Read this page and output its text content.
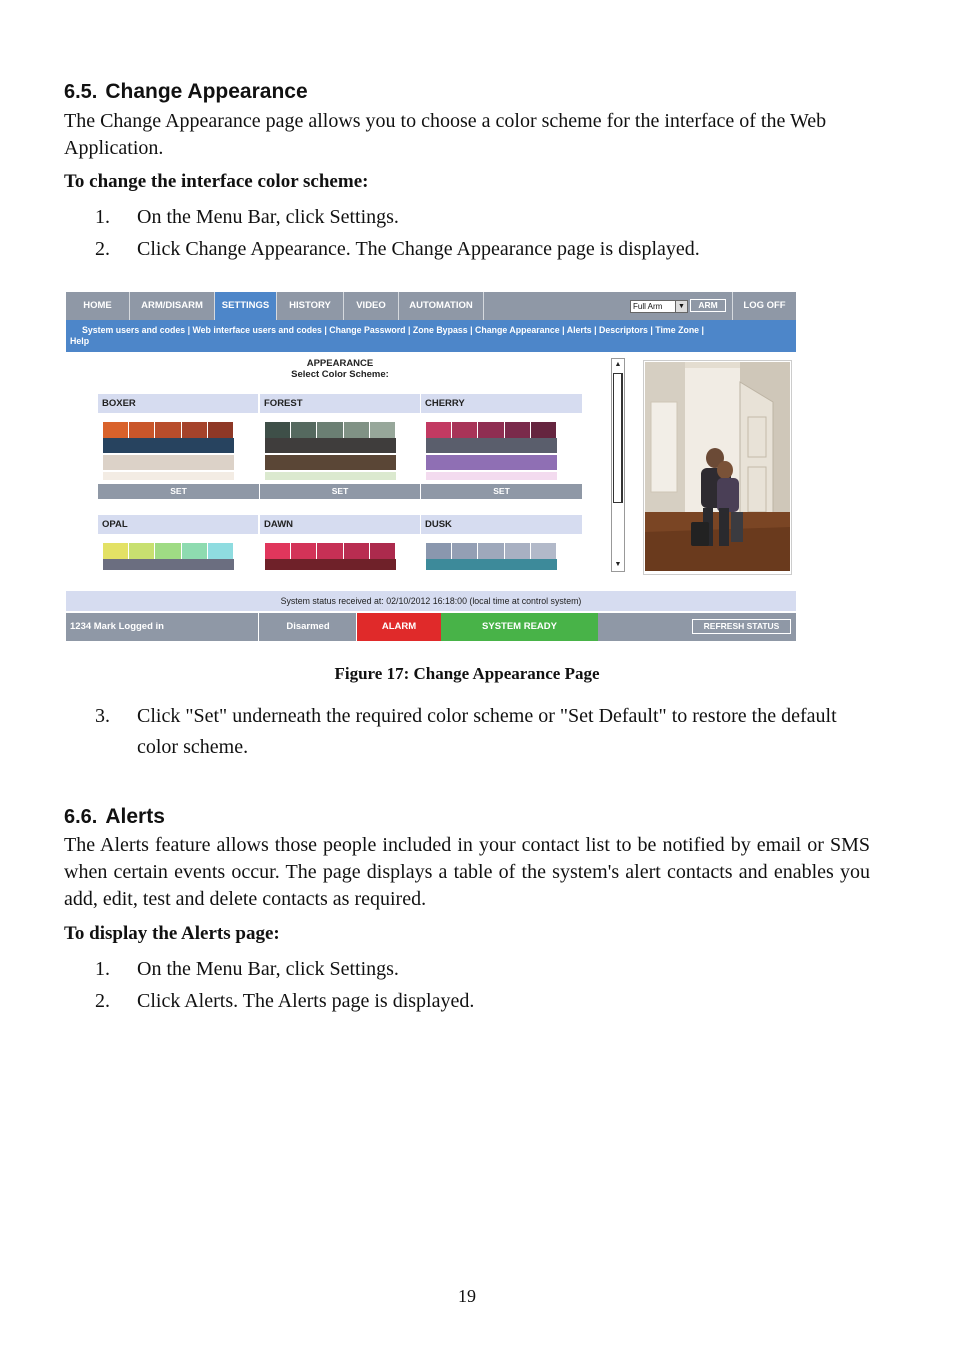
6.5. Change Appearance
The Change Appearance page allows you to choose a color scheme for the interface of the Web Application.
To change the interface color scheme:
1. On the Menu Bar, click Settings.
2. Click Change Appearance. The Change Appearance page is displayed.
HOME	ARM/DISARM	SETTINGS	HISTORY	VIDEO	AUTOMATION	Full Arm	▼	ARM	LOG OFF
System users and codes | Web interface users and codes | Change Password | Zone Bypass | Change Appearance | Alerts | Descriptors | Time Zone |
Help
APPEARANCE
Select Color Scheme:
BOXER	FOREST	CHERRY
SET	SET	SET
OPAL	DAWN	DUSK
▲
▼
System status received at: 02/10/2012 16:18:00 (local time at control system)
1234 Mark Logged in	Disarmed	ALARM	SYSTEM READY	REFRESH STATUS
Figure 17: Change Appearance Page
3. Click "Set" underneath the required color scheme or "Set Default" to restore the default color scheme.
6.6. Alerts
The Alerts feature allows those people included in your contact list to be notified by email or SMS when certain events occur. The page displays a table of the system's alert contacts and enables you add, edit, test and delete contacts as required.
To display the Alerts page:
1. On the Menu Bar, click Settings.
2. Click Alerts. The Alerts page is displayed.
19
